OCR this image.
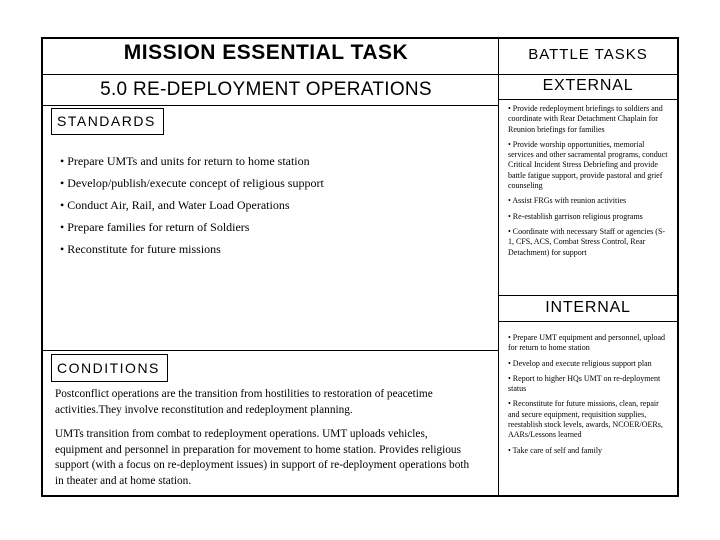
STANDARDS
CONDITIONS
MISSION ESSENTIAL TASK
5.0 RE-DEPLOYMENT OPERATIONS
BATTLE TASKS
EXTERNAL
INTERNAL
• Prepare UMTs and units for return to home station
• Develop/publish/execute concept of religious support
• Conduct Air, Rail, and Water Load Operations
• Prepare families for return of Soldiers
• Reconstitute for future missions

Postconflict operations are the transition from hostilities to restoration of peacetime activities.They involve reconstitution and redeployment planning.

UMTs transition from combat to redeployment operations. UMT uploads vehicles, equipment and personnel in preparation for movement to home station. Provides religious support (with a focus on re-deployment issues) in support of re-deployment operations both in theater and at home station.

• Provide redeployment briefings to soldiers and coordinate with Rear Detachment Chaplain for Reunion briefings for families
• Provide worship opportunities, memorial services and other sacramental programs, conduct Critical Incident Stress Debriefing and provide battle fatigue support, provide pastoral and grief counseling
• Assist FRGs with reunion activities
• Re-establish garrison religious programs
• Coordinate with necessary Staff or agencies (S-1, CFS, ACS, Combat Stress Control, Rear Detachment) for support
• Prepare UMT equipment and personnel, upload for return to home station
• Develop and execute religious support plan
• Report to higher HQs UMT on re-deployment status
• Reconstitute for future missions, clean, repair and secure equipment, requisition supplies, reestablish stock levels, awards, NCOER/OERs, AARs/Lessons learned
• Take care of self and family
